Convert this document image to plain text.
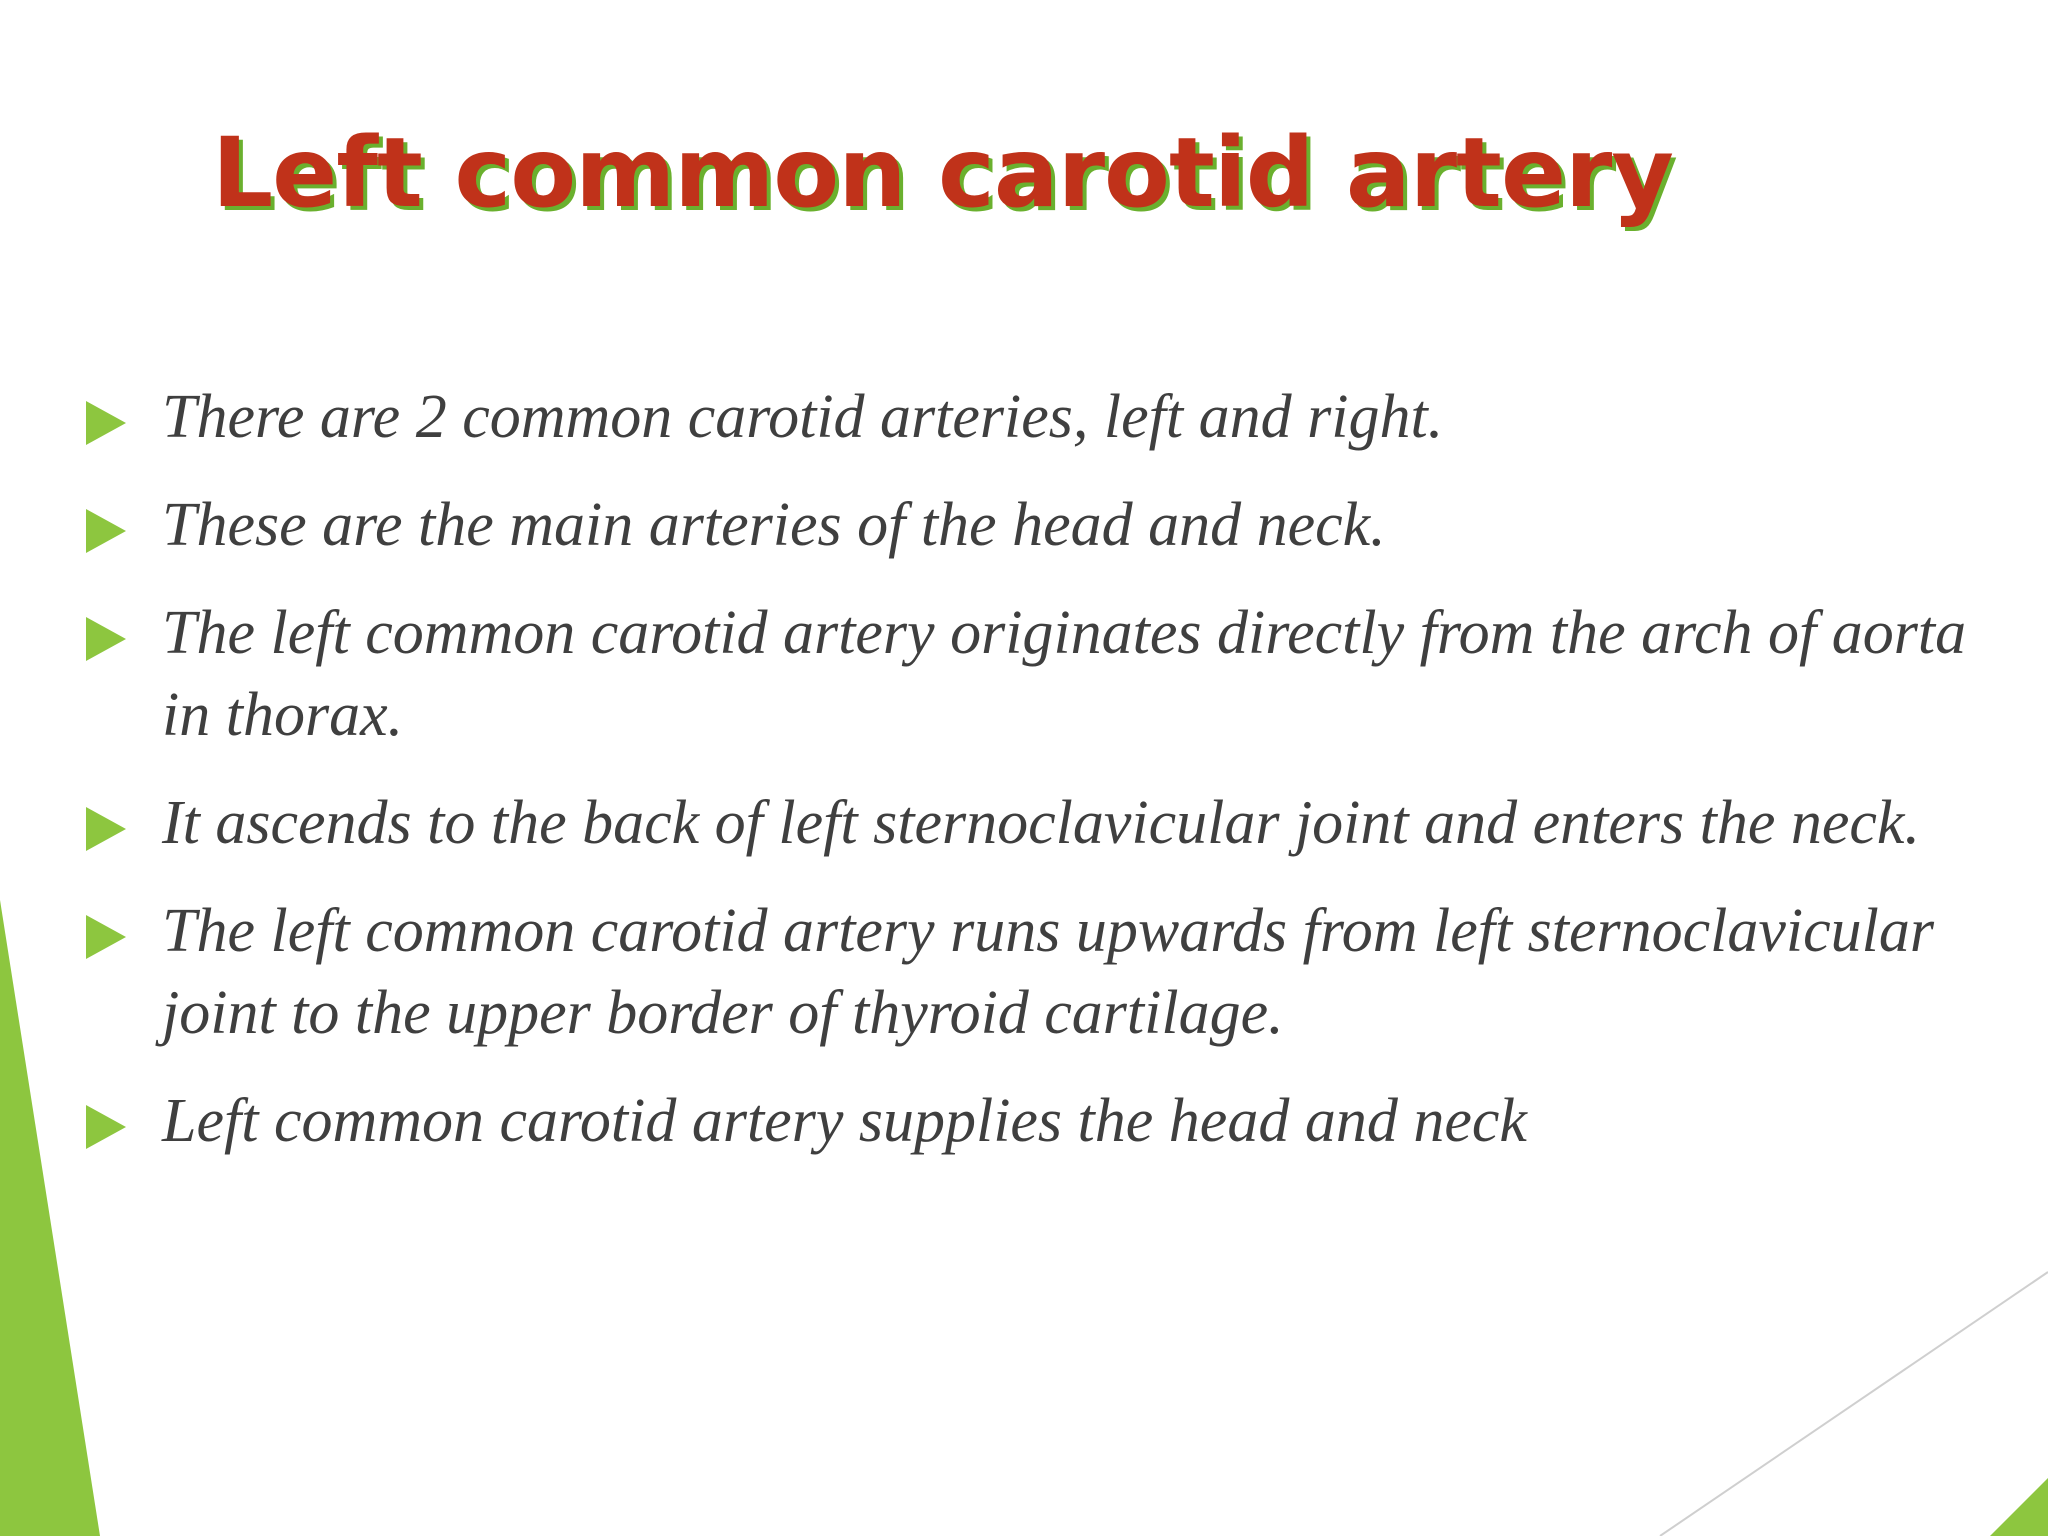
Left common carotid artery
There are 2 common carotid arteries, left and right.
These are the main arteries of the head and neck.
The left common carotid artery originates directly from the arch of aorta in thorax.
It ascends to the back of left sternoclavicular joint and enters the neck.
The left common carotid artery runs upwards from left sternoclavicular joint to the upper border of thyroid cartilage.
Left common carotid artery supplies the head and neck
